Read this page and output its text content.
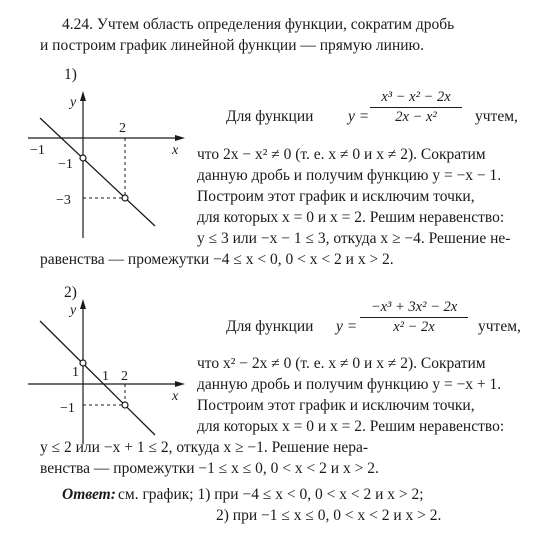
4.24. Учтем область определения функции, сократим дробь
и построим график линейной функции — прямую линию.
1)
y
x
2
−1
−1
−3
Для функции $y = \frac{\text{x³ − x² − 2x}}{\text{2x − x²}}$ учтем,
что 2x − x² ≠ 0 (т. е. x ≠ 0 и x ≠ 2). Сократим
данную дробь и получим функцию y = −x − 1.
Построим этот график и исключим точки,
для которых x = 0 и x = 2. Решим неравенство:
y ≤ 3 или −x − 1 ≤ 3, откуда x ≥ −4. Решение не-
равенства — промежутки −4 ≤ x < 0, 0 < x < 2 и x > 2.
2)
y
x
1 1 2
−1
Для функции $y = \frac{\text{−x³ + 3x² − 2x}}{\text{x² − 2x}}$ учтем,
что x² − 2x ≠ 0 (т. е. x ≠ 0 и x ≠ 2). Сократим
данную дробь и получим функцию y = −x + 1.
Построим этот график и исключим точки,
для которых x = 0 и x = 2. Решим неравенство:
y ≤ 2 или −x + 1 ≤ 2, откуда x ≥ −1. Решение нера-
венства — промежутки −1 ≤ x ≤ 0, 0 < x < 2 и x > 2.
Ответ: см. график; 1) при −4 ≤ x < 0, 0 < x < 2 и x > 2;
2) при −1 ≤ x ≤ 0, 0 < x < 2 и x > 2.
